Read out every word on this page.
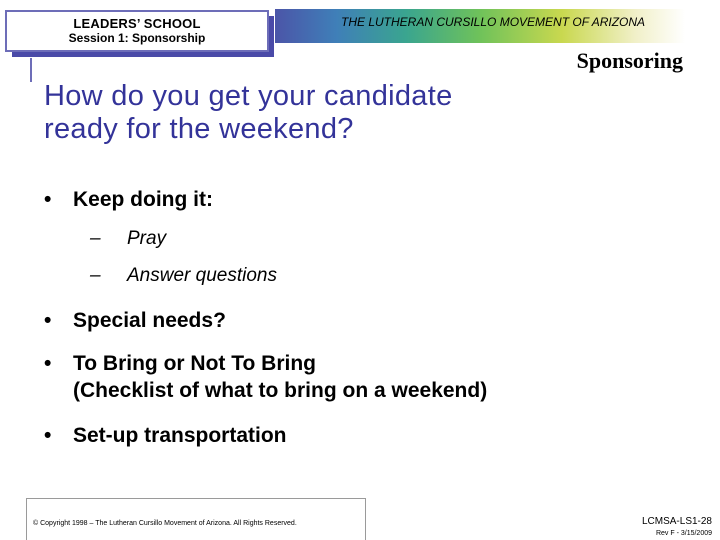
LEADERS’ SCHOOL
Session 1: Sponsorship
THE LUTHERAN CURSILLO MOVEMENT OF ARIZONA
Sponsoring
How do you get your candidate
ready for the weekend?
• Keep doing it:
– Pray
– Answer questions
• Special needs?
• To Bring or Not To Bring
(Checklist of what to bring on a weekend)
• Set-up transportation
© Copyright 1998 – The Lutheran Cursillo Movement of Arizona. All Rights Reserved.	LCMSA-LS1-28
Rev F - 3/15/2009
